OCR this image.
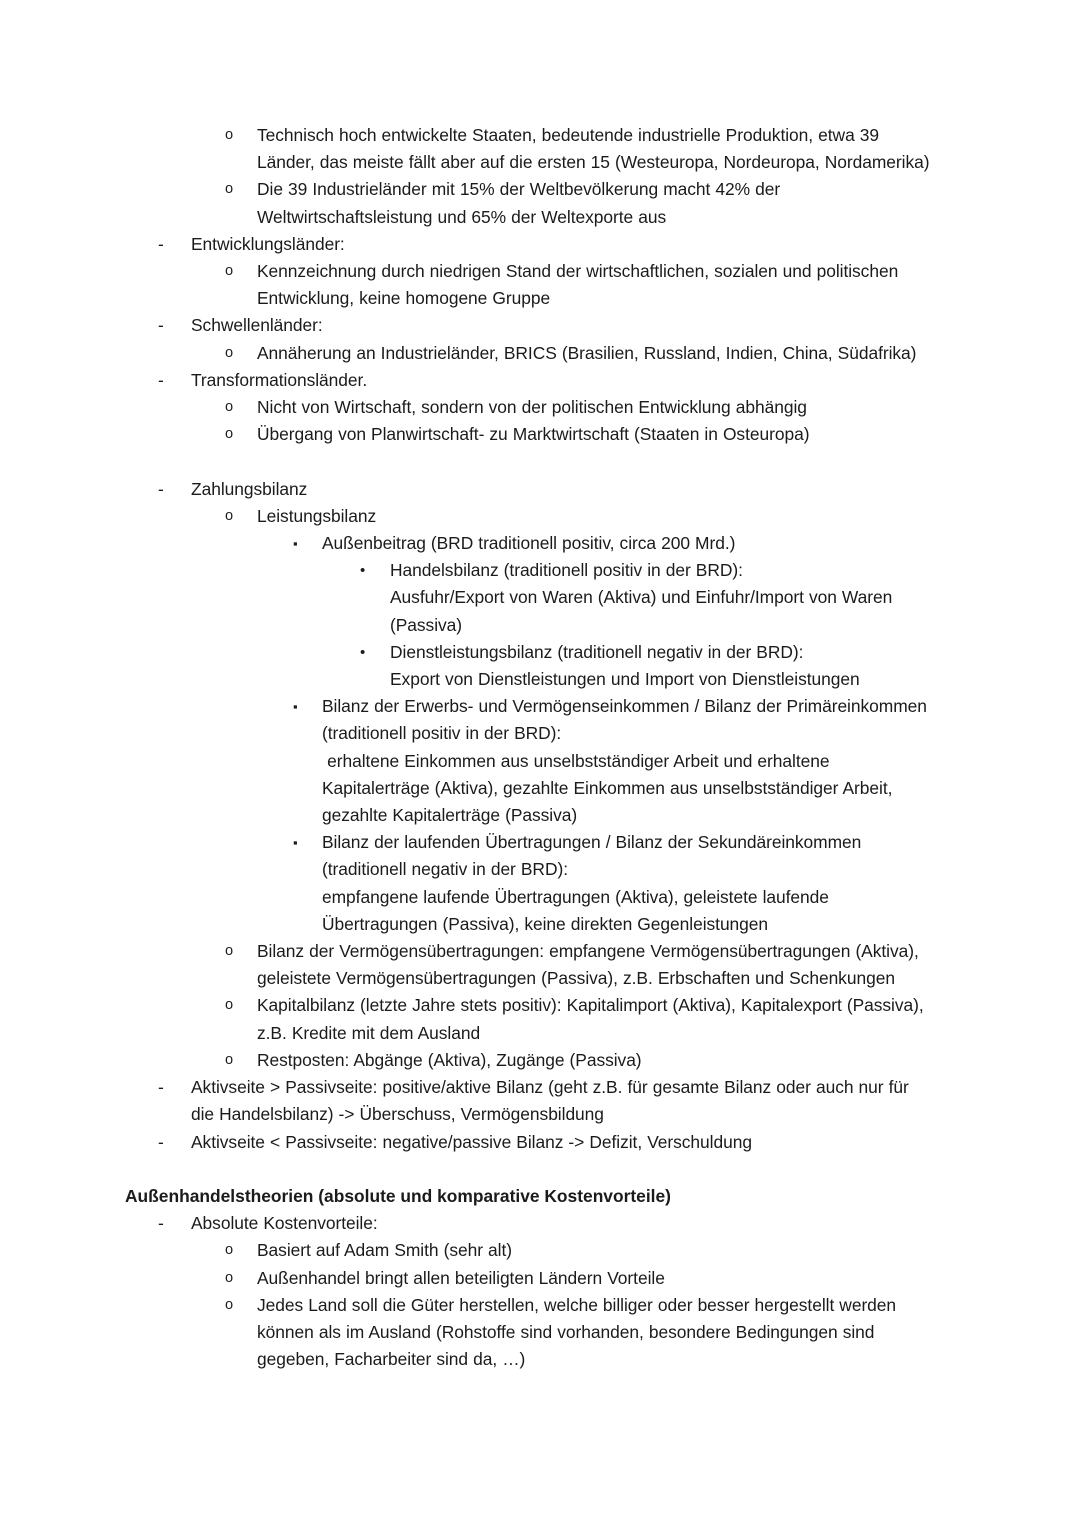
o Technisch hoch entwickelte Staaten, bedeutende industrielle Produktion, etwa 39 Länder, das meiste fällt aber auf die ersten 15 (Westeuropa, Nordeuropa, Nordamerika)
o Die 39 Industrieländer mit 15% der Weltbevölkerung macht 42% der Weltwirtschaftsleistung und 65% der Weltexporte aus
- Entwicklungsländer:
o Kennzeichnung durch niedrigen Stand der wirtschaftlichen, sozialen und politischen Entwicklung, keine homogene Gruppe
- Schwellenländer:
o Annäherung an Industrieländer, BRICS (Brasilien, Russland, Indien, China, Südafrika)
- Transformationsländer.
o Nicht von Wirtschaft, sondern von der politischen Entwicklung abhängig
o Übergang von Planwirtschaft- zu Marktwirtschaft (Staaten in Osteuropa)
- Zahlungsbilanz
o Leistungsbilanz
▪ Außenbeitrag (BRD traditionell positiv, circa 200 Mrd.)
• Handelsbilanz (traditionell positiv in der BRD):
Ausfuhr/Export von Waren (Aktiva) und Einfuhr/Import von Waren (Passiva)
• Dienstleistungsbilanz (traditionell negativ in der BRD):
Export von Dienstleistungen und Import von Dienstleistungen
▪ Bilanz der Erwerbs- und Vermögenseinkommen / Bilanz der Primäreinkommen (traditionell positiv in der BRD):
erhaltene Einkommen aus unselbstständiger Arbeit und erhaltene Kapitalerträge (Aktiva), gezahlte Einkommen aus unselbstständiger Arbeit, gezahlte Kapitalerträge (Passiva)
▪ Bilanz der laufenden Übertragungen / Bilanz der Sekundäreinkommen (traditionell negativ in der BRD):
empfangene laufende Übertragungen (Aktiva), geleistete laufende Übertragungen (Passiva), keine direkten Gegenleistungen
o Bilanz der Vermögensübertragungen: empfangene Vermögensübertragungen (Aktiva), geleistete Vermögensübertragungen (Passiva), z.B. Erbschaften und Schenkungen
o Kapitalbilanz (letzte Jahre stets positiv): Kapitalimport (Aktiva), Kapitalexport (Passiva), z.B. Kredite mit dem Ausland
o Restposten: Abgänge (Aktiva), Zugänge (Passiva)
- Aktivseite > Passivseite: positive/aktive Bilanz (geht z.B. für gesamte Bilanz oder auch nur für die Handelsbilanz) -> Überschuss, Vermögensbildung
- Aktivseite < Passivseite: negative/passive Bilanz -> Defizit, Verschuldung
Außenhandelstheorien (absolute und komparative Kostenvorteile)
- Absolute Kostenvorteile:
o Basiert auf Adam Smith (sehr alt)
o Außenhandel bringt allen beteiligten Ländern Vorteile
o Jedes Land soll die Güter herstellen, welche billiger oder besser hergestellt werden können als im Ausland (Rohstoffe sind vorhanden, besondere Bedingungen sind gegeben, Facharbeiter sind da, …)
